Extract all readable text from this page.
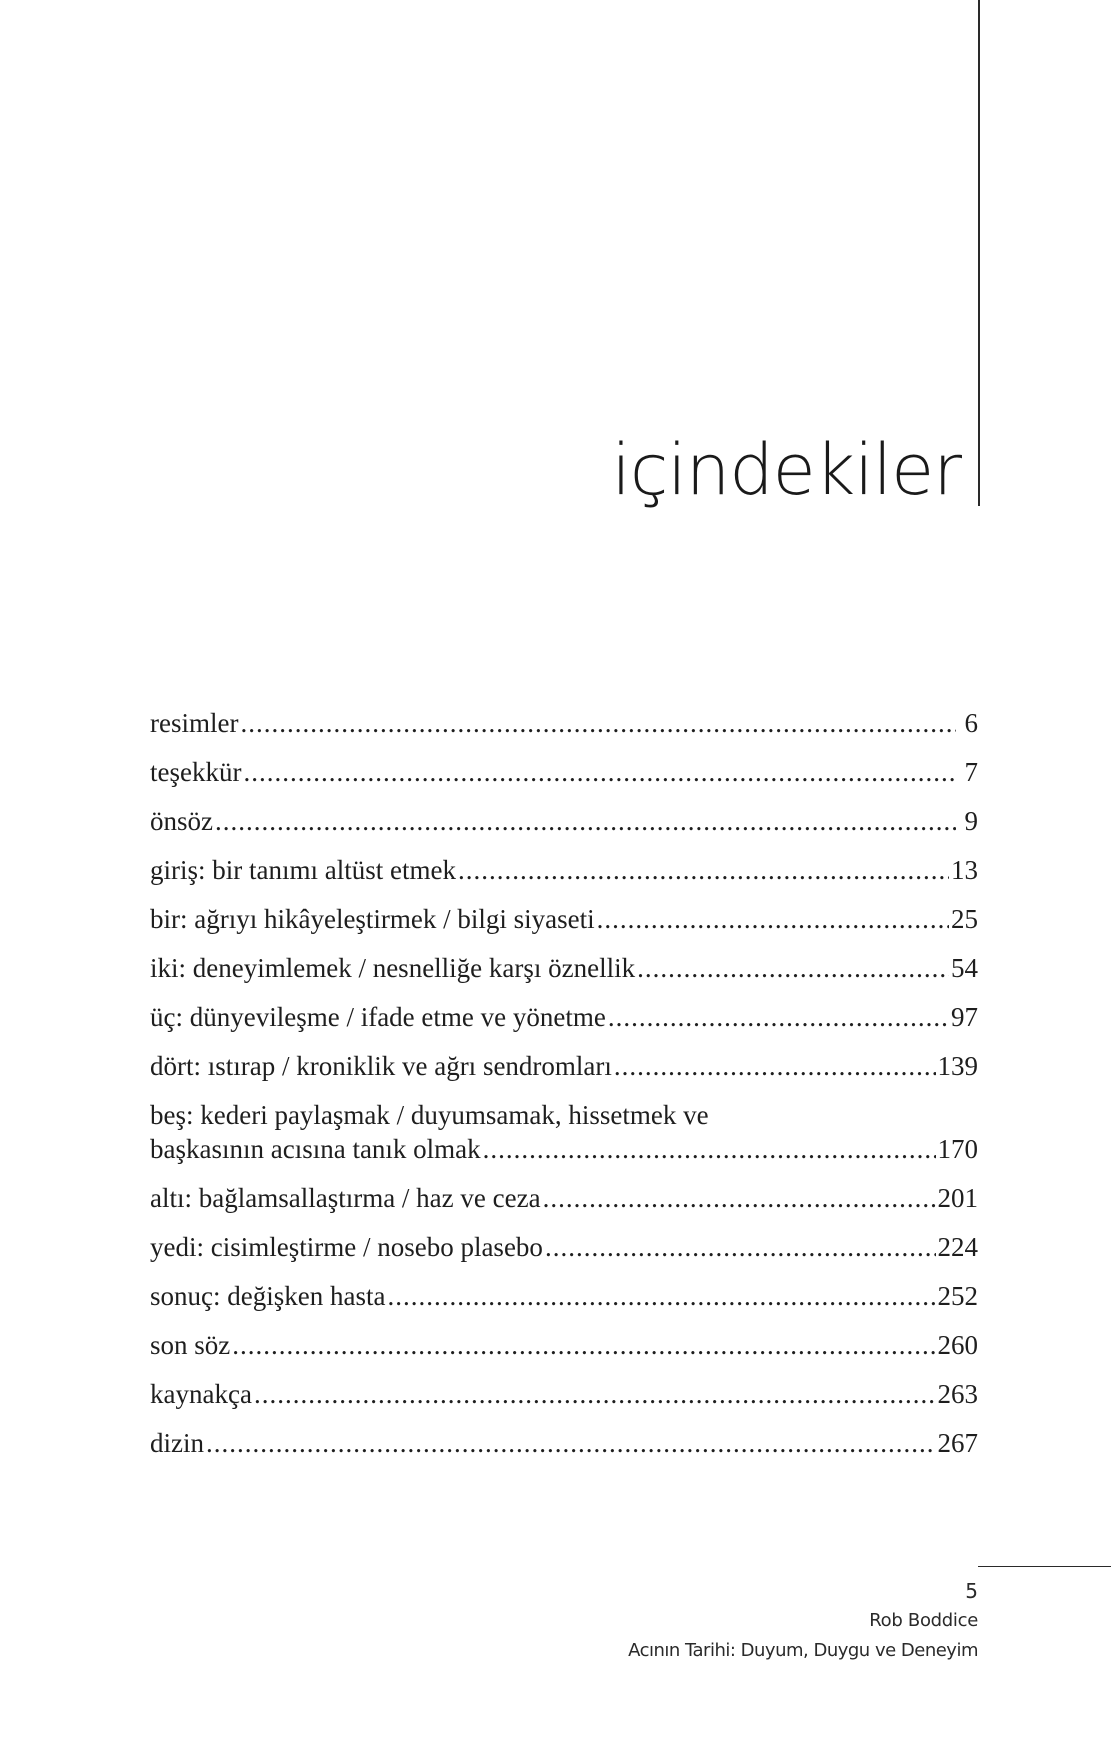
içindekiler
resimler .....	6
teşekkür .....	7
önsöz .....	9
giriş: bir tanımı altüst etmek .....	13
bir: ağrıyı hikâyeleştirmek / bilgi siyaseti .....	25
iki: deneyimlemek / nesnelliğe karşı öznellik .....	54
üç: dünyevileşme / ifade etme ve yönetme .....	97
dört: ıstırap / kroniklik ve ağrı sendromları .....	139
beş: kederi paylaşmak / duyumsamak, hissetmek ve
başkasının acısına tanık olmak .....	170
altı: bağlamsallaştırma / haz ve ceza .....	201
yedi: cisimleştirme / nosebo plasebo .....	224
sonuç: değişken hasta .....	252
son söz .....	260
kaynakça .....	263
dizin .....	267
5
Rob Boddice
Acının Tarihi: Duyum, Duygu ve Deneyim
